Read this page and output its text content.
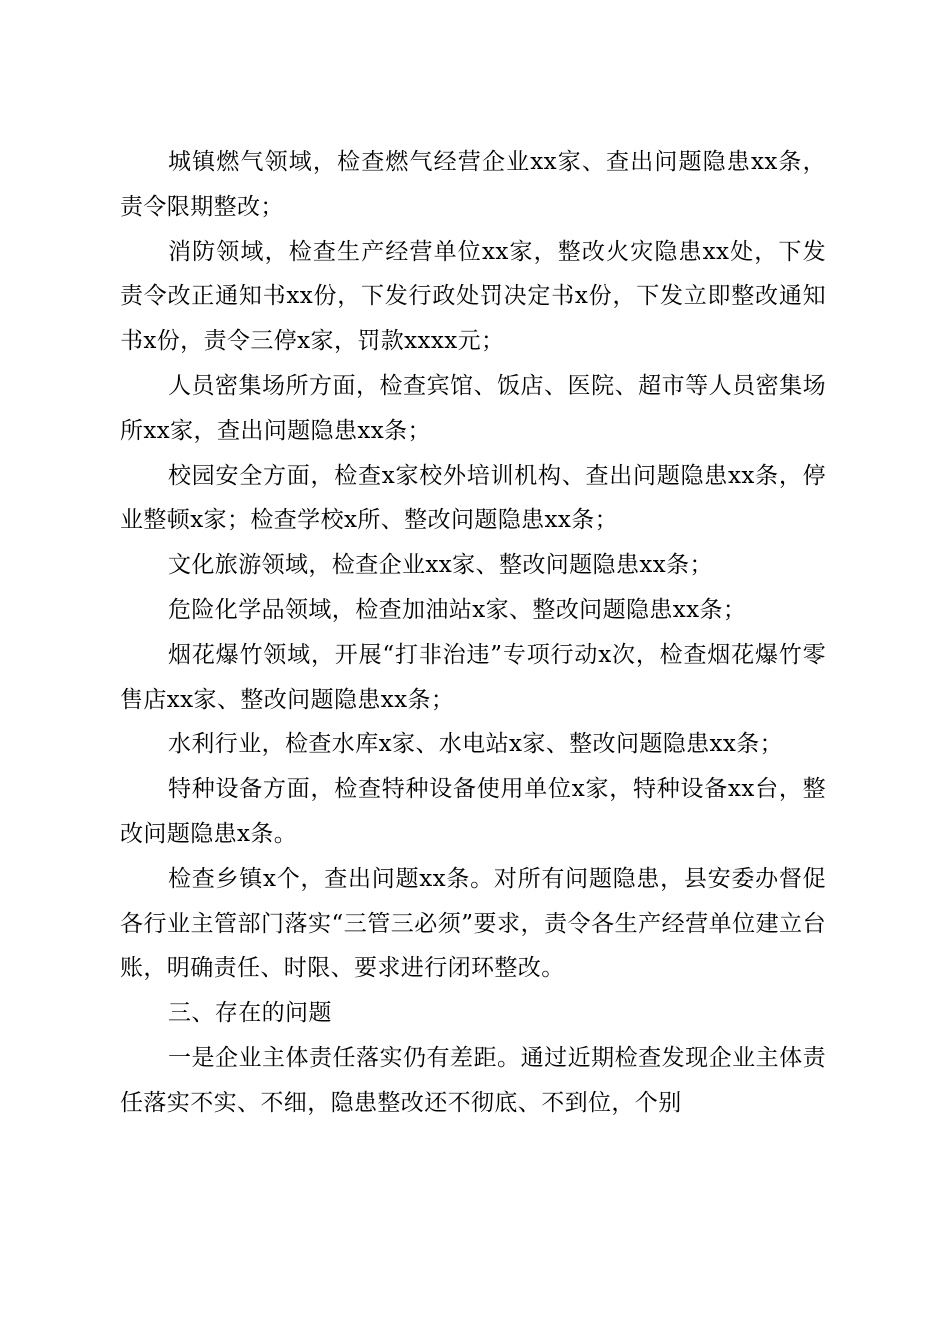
城镇燃气领域，检查燃气经营企业xx家、查出问题隐患xx条，责令限期整改；

消防领域，检查生产经营单位xx家，整改火灾隐患xx处，下发责令改正通知书xx份，下发行政处罚决定书x份，下发立即整改通知书x份，责令三停x家，罚款xxxx元；

人员密集场所方面，检查宾馆、饭店、医院、超市等人员密集场所xx家，查出问题隐患xx条；

校园安全方面，检查x家校外培训机构、查出问题隐患xx条，停业整顿x家；检查学校x所、整改问题隐患xx条；

文化旅游领域，检查企业xx家、整改问题隐患xx条；

危险化学品领域，检查加油站x家、整改问题隐患xx条；

烟花爆竹领域，开展“打非治违”专项行动x次，检查烟花爆竹零售店xx家、整改问题隐患xx条；

水利行业，检查水库x家、水电站x家、整改问题隐患xx条；

特种设备方面，检查特种设备使用单位x家，特种设备xx台，整改问题隐患x条。

检查乡镇x个，查出问题xx条。对所有问题隐患，县安委办督促各行业主管部门落实“三管三必须”要求，责令各生产经营单位建立台账，明确责任、时限、要求进行闭环整改。

三、存在的问题

一是企业主体责任落实仍有差距。通过近期检查发现企业主体责任落实不实、不细，隐患整改还不彻底、不到位，个别
